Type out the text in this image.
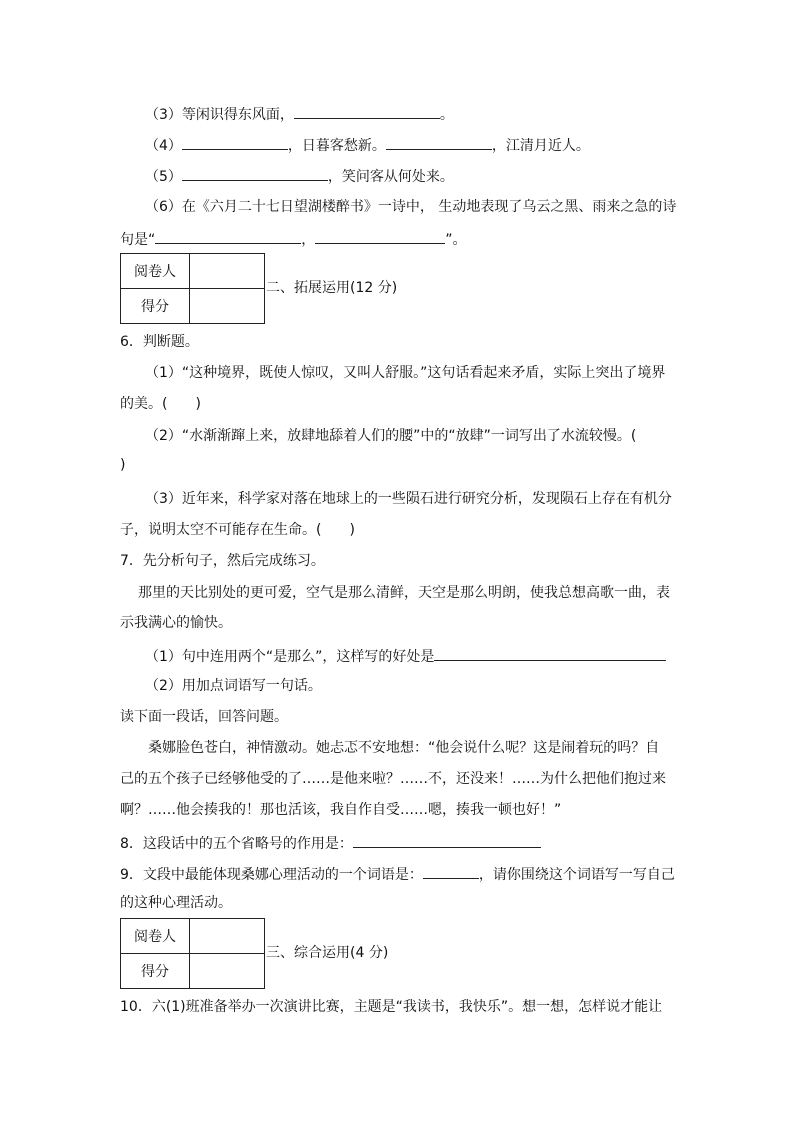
（3）等闲识得东风面，	。
（4）	，日暮客愁新。	，江清月近人。
（5）	，笑问客从何处来。
（6）在《六月二十七日望湖楼醉书》一诗中， 生动地表现了乌云之黑、雨来之急的诗
句是“	，	”。
阅卷人	
得分	
二、拓展运用(12 分)
6．判断题。
（1）“这种境界，既使人惊叹，又叫人舒服。”这句话看起来矛盾，实际上突出了境界
的美。(　　)
（2）“水渐渐蹿上来，放肆地舔着人们的腰”中的“放肆”一词写出了水流较慢。(
)
（3）近年来，科学家对落在地球上的一些陨石进行研究分析，发现陨石上存在有机分
子，说明太空不可能存在生命。(　　)
7．先分析句子，然后完成练习。
那里的天比别处的更可爱，空气是那么清鲜，天空是那么明朗，使我总想高歌一曲，表
示我满心的愉快。
（1）句中连用两个“是那么”，这样写的好处是
（2）用加点词语写一句话。
读下面一段话，回答问题。
桑娜脸色苍白，神情激动。她忐忑不安地想：“他会说什么呢？这是闹着玩的吗？自
己的五个孩子已经够他受的了……是他来啦？……不，还没来！……为什么把他们抱过来
啊？……他会揍我的！那也活该，我自作自受……嗯，揍我一顿也好！”
8．这段话中的五个省略号的作用是：
9．文段中最能体现桑娜心理活动的一个词语是：	，请你围绕这个词语写一写自己
的这种心理活动。
阅卷人	
得分	
三、综合运用(4 分)
10．六(1)班准备举办一次演讲比赛，主题是“我读书，我快乐”。想一想，怎样说才能让
